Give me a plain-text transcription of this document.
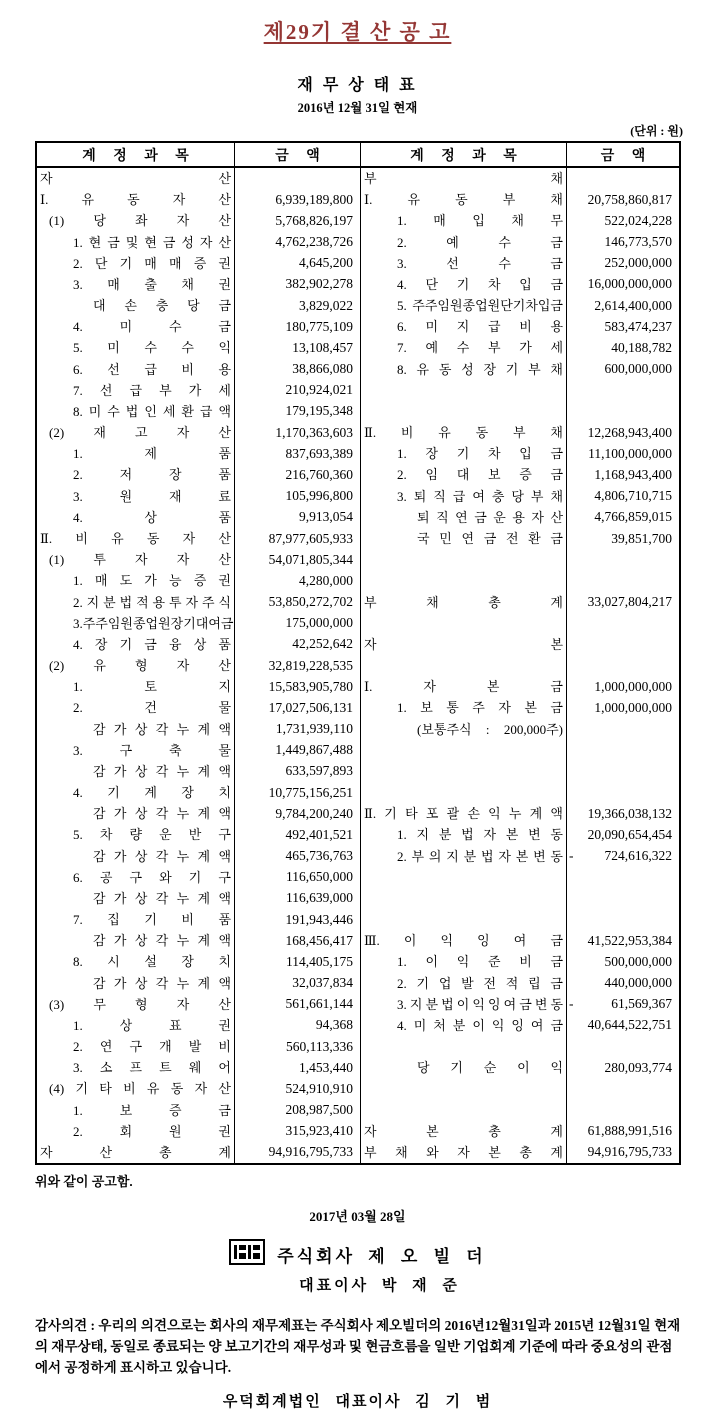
제29기 결 산 공 고
재 무 상 태 표
2016년 12월 31일 현재
(단위 : 원)
계 정 과 목	금 액	계 정 과 목	금 액
자	산	부	채
Ⅰ.	유	동	자	산	6,939,189,800 Ⅰ.	유	동	부	채 20,758,860,817
(1) 당 좌 자 산	5,768,826,197	1. 매 입 채 무	522,024,228
1. 현 금 및 현 금 성 자 산	4,762,238,726	2.	예	수	금	146,773,570
2. 단 기 매 매 증 권	4,645,200	3.	선	수	금	252,000,000
3. 매 출 채 권	382,902,278	4. 단 기 차 입 금 16,000,000,000
대 손 충 당 금	3,829,022	5. 주주임원종업원단기차입금 2,614,400,000
4.	미	수	금	180,775,109	6. 미 지 급 비 용	583,474,237
5. 미 수 수 익	13,108,457	7. 예 수 부 가 세	40,188,782
6. 선 급 비 용	38,866,080	8. 유 동 성 장 기 부 채	600,000,000
7. 선 급 부 가 세	210,924,021
8. 미 수 법 인 세 환 급 액	179,195,348
(2) 재 고 자 산	1,170,363,603 Ⅱ. 비 유 동 부 채 12,268,943,400
1.	제	품	837,693,389	1. 장 기 차 입 금 11,100,000,000
2.	저	장	품	216,760,360	2. 임 대 보 증 금 1,168,943,400
3.	원	재	료	105,996,800	3. 퇴 직 급 여 충 당 부 채 4,806,710,715
4.	상	품	9,913,054	퇴 직 연 금 운 용 자 산 4,766,859,015
Ⅱ. 비 유 동 자 산	87,977,605,933	국 민 연 금 전 환 금	39,851,700
(1) 투 자 자 산	54,071,805,344
1. 매 도 가 능 증 권	4,280,000
2. 지 분 법 적 용 투 자 주 식	53,850,272,702 부	채	총	계 33,027,804,217
3. 주주임원종업원장기대여금	175,000,000
4. 장 기 금 융 상 품	42,252,642 자	본
(2) 유 형 자 산	32,819,228,535
1.	토	지	15,583,905,780 Ⅰ.	자	본	금 1,000,000,000
2.	건	물	17,027,506,131	1. 보 통 주 자 본 금 1,000,000,000
감 가 상 각 누 계 액	1,731,939,110	(보통주식 : 200,000주)
3.	구	축	물	1,449,867,488
감 가 상 각 누 계 액	633,597,893
4. 기 계 장 치	10,775,156,251
감 가 상 각 누 계 액	9,784,200,240 Ⅱ. 기 타 포 괄 손 익 누 계 액 19,366,038,132
5. 차 량 운 반 구	492,401,521	1. 지 분 법 자 본 변 동 20,090,654,454
감 가 상 각 누 계 액	465,736,763	2. 부 의 지 분 법 자 본 변 동 - 724,616,322
6. 공 구 와 기 구	116,650,000
감 가 상 각 누 계 액	116,639,000
7. 집 기 비 품	191,943,446
감 가 상 각 누 계 액	168,456,417 Ⅲ. 이 익 잉 여 금 41,522,953,384
8. 시 설 장 치	114,405,175	1. 이 익 준 비 금	500,000,000
감 가 상 각 누 계 액	32,037,834	2. 기 업 발 전 적 립 금	440,000,000
(3) 무 형 자 산	561,661,144	3. 지 분 법 이 익 잉 여 금 변 동 -	61,569,367
1.	상	표	권	94,368	4. 미 처 분 이 익 잉 여 금 40,644,522,751
2. 연 구 개 발 비	560,113,336
3. 소 프 트 웨 어	1,453,440	당 기 순 이 익	280,093,774
(4) 기 타 비 유 동 자 산	524,910,910
1.	보	증	금	208,987,500
2.	회	원	권	315,923,410 자	본	총	계 61,888,991,516
자	산	총	계	94,916,795,733 부 채 와 자 본 총 계 94,916,795,733
위와 같이 공고함.
2017년 03월 28일
주식회사 제 오 빌 더
대표이사 박 재 준
감사의견 : 우리의 의견으로는 회사의 재무제표는 주식회사 제오빌더의 2016년12월31일과 2015년 12월31일 현재의 재무상태, 동일로 종료되는 양 보고기간의 재무성과 및 현금흐름을 일반 기업회계 기준에 따라 중요성의 관점에서 공정하게 표시하고 있습니다.
우덕회계법인 대표이사 김 기 범
